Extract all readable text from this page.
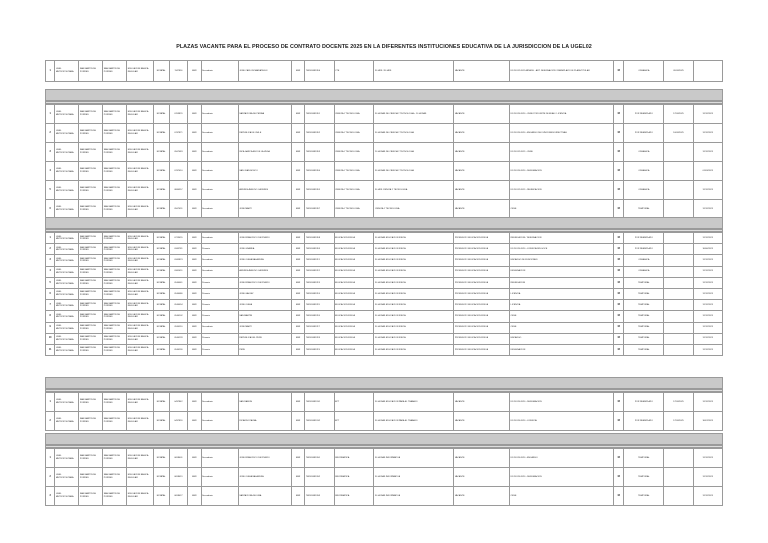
PLAZAS VACANTE PARA EL PROCESO DE CONTRATO DOCENTE 2025 EN LA DIFERENTES INSTITUCIONES EDUCATIVA DE LA JURISDICCION DE LA UGEL02
1	UGEL METROPOLITANA	SAN MARTIN DE PORRES	SAN MARTIN DE PORRES	EDUCACION BASICA REGULAR	ESTATAL	1147816	EBR	Secundaria	JOSE CARLOS MARIATEGUI	EBR	7081814812E6	CTE	30 HRS / 30 HRS	VACANTE	DS N°012-2019-MINEDU - ART. DESIGNACIÓN / REEMPLAZO DE PLAZA TITULAR	43	ORGÁNICA	01/03/2025	
1	UGEL METROPOLITANA	SAN MARTIN DE PORRES	SAN MARTIN DE PORRES	EDUCACION BASICA REGULAR	ESTATAL	0703876	EBR	Secundaria	SANTA ROSA DE PERIBA	EBR	7081814812E1	CIENCIA Y TECNOLOGIA	30 HORAS DE CIENCIA Y TECNOLOGIA + 10 HORAS	VACANTE	DS N°019-2020 - CESE POR LIMITE DE EDAD / LICENCIA	43	POR REEMPLAZO	17/03/2025	31/12/2025
2	UGEL METROPOLITANA	SAN MARTIN DE PORRES	SAN MARTIN DE PORRES	EDUCACION BASICA REGULAR	ESTATAL	0767871	EBR	Secundaria	REPUBLICA DE CHILE	EBR	7081814812E2	CIENCIA Y TECNOLOGIA	30 HORAS DE CIENCIA Y TECNOLOGIA	VACANTE	DS N°019-2020 - ENCARGO DE FUNCIONES DIRECTIVAS	43	POR REEMPLAZO	10/03/2025	31/12/2025
3	UGEL METROPOLITANA	SAN MARTIN DE PORRES	SAN MARTIN DE PORRES	EDUCACION BASICA REGULAR	ESTATAL	0507483	EBR	Secundaria	INCA GARCILASO DE LA VEGA	EBR	7081814812E3	CIENCIA Y TECNOLOGIA	20 HORAS DE CIENCIA Y TECNOLOGIA	VACANTE	DS N°012-2019 - CESE	43	ORGÁNICA		31/12/2025
4	UGEL METROPOLITANA	SAN MARTIN DE PORRES	SAN MARTIN DE PORRES	EDUCACION BASICA REGULAR	ESTATAL	0767410	EBR	Secundaria	SAN JUAN BOSCO	EBR	7081814812E4	CIENCIA Y TECNOLOGIA	30 HORAS DE CIENCIA Y TECNOLOGIA	VACANTE	DS N°019-2020 - DESIGNACION	43	ORGÁNICA		01/03/2025
5	UGEL METROPOLITANA	SAN MARTIN DE PORRES	SAN MARTIN DE PORRES	EDUCACION BASICA REGULAR	ESTATAL	0860957	EBR	Secundaria	ANDRES AVELINO CACERES	EBR	7081814812E5	CIENCIA Y TECNOLOGIA	30 HRS CIENCIA Y TECNOLOGIA	VACANTE	DS N°012-2019 - REUBICACION	43	ORGÁNICA		31/12/2025
6	UGEL METROPOLITANA	SAN MARTIN DE PORRES	SAN MARTIN DE PORRES	EDUCACION BASICA REGULAR	ESTATAL	0507491	EBR	Secundaria	JOSE MARTI	EBR	7081814812E7	CIENCIA Y TECNOLOGIA	CIENCIA Y TECNOLOGIA	VACANTE	CESE	43	TEMPORAL		31/12/2025
1	UGEL METROPOLITANA	SAN MARTIN DE PORRES	SAN MARTIN DE PORRES	EDUCACION BASICA REGULAR	ESTATAL	0713455	EBR	Secundaria	JOSE FRANCISCO DE RIVERO	EBR	7081814812E8	EDUCACION FISICA	30 HORAS EDUCACION FISICA	PROFESOR / EDUCACION FISICA	REUBICACION / DESIGNACION	43	POR REEMPLAZO		31/12/2025
2	UGEL METROPOLITANA	SAN MARTIN DE PORRES	SAN MARTIN DE PORRES	EDUCACION BASICA REGULAR	ESTATAL	0345781	EBR	Primaria	JOSE GRANDA	EBR	7081814812E9	EDUCACION FISICA	30 HORAS EDUCACION FISICA	PROFESOR / EDUCACION FISICA	DS N°019-2020 - LICENCIA SIN GOCE	43	POR REEMPLAZO		30/06/2025
3	UGEL METROPOLITANA	SAN MARTIN DE PORRES	SAN MARTIN DE PORRES	EDUCACION BASICA REGULAR	ESTATAL	0345823	EBR	Secundaria	JOSE OLAYA BALANDRA	EBR	7081814812F1	EDUCACION FISICA	30 HORAS EDUCACION FISICA	PROFESOR / EDUCACION FISICA	ENCARGO DE FUNCIONES	43	ORGÁNICA		31/12/2025
4	UGEL METROPOLITANA	SAN MARTIN DE PORRES	SAN MARTIN DE PORRES	EDUCACION BASICA REGULAR	ESTATAL	0361451	EBR	Secundaria	ANDRES AVELINO CACERES	EBR	7081814812F2	EDUCACION FISICA	30 HORAS EDUCACION FISICA	PROFESOR / EDUCACION FISICA	DESIGNACION	43	ORGÁNICA		31/12/2025
5	UGEL METROPOLITANA	SAN MARTIN DE PORRES	SAN MARTIN DE PORRES	EDUCACION BASICA REGULAR	ESTATAL	0540061	EBR	Primaria	JOSE FRANCISCO DE RIVERO	EBR	7081814812F3	EDUCACION FISICA	30 HORAS EDUCACION FISICA	PROFESOR / EDUCACION FISICA	REUBICACION	43	TEMPORAL		31/12/2025
6	UGEL METROPOLITANA	SAN MARTIN DE PORRES	SAN MARTIN DE PORRES	EDUCACION BASICA REGULAR	ESTATAL	0540086	EBR	Primaria	JOSE GALVEZ	EBR	7081814812F4	EDUCACION FISICA	30 HORAS EDUCACION FISICA	PROFESOR / EDUCACION FISICA	LICENCIA	43	TEMPORAL		31/12/2025
7	UGEL METROPOLITANA	SAN MARTIN DE PORRES	SAN MARTIN DE PORRES	EDUCACION BASICA REGULAR	ESTATAL	0540094	EBR	Primaria	JOSE OLAYA	EBR	7081814812F5	EDUCACION FISICA	30 HORAS EDUCACION FISICA	PROFESOR / EDUCACION FISICA	LICENCIA	43	TEMPORAL		31/12/2025
8	UGEL METROPOLITANA	SAN MARTIN DE PORRES	SAN MARTIN DE PORRES	EDUCACION BASICA REGULAR	ESTATAL	0540102	EBR	Primaria	SAN MARTIN	EBR	7081814812F6	EDUCACION FISICA	30 HORAS EDUCACION FISICA	PROFESOR / EDUCACION FISICA	CESE	43	TEMPORAL		31/12/2025
9	UGEL METROPOLITANA	SAN MARTIN DE PORRES	SAN MARTIN DE PORRES	EDUCACION BASICA REGULAR	ESTATAL	0540110	EBR	Secundaria	JOSE MARTI	EBR	7081814812F7	EDUCACION FISICA	30 HORAS EDUCACION FISICA	PROFESOR / EDUCACION FISICA	CESE	43	TEMPORAL		31/12/2025
10	UGEL METROPOLITANA	SAN MARTIN DE PORRES	SAN MARTIN DE PORRES	EDUCACION BASICA REGULAR	ESTATAL	0540128	EBR	Primaria	REPUBLICA DEL PERU	EBR	7081814812F8	EDUCACION FISICA	30 HORAS EDUCACION FISICA	PROFESOR / EDUCACION FISICA	ENCARGO	43	TEMPORAL		31/12/2025
11	UGEL METROPOLITANA	SAN MARTIN DE PORRES	SAN MARTIN DE PORRES	EDUCACION BASICA REGULAR	ESTATAL	0540136	EBR	Primaria	PERU	EBR	7081814812F9	EDUCACION FISICA	30 HORAS EDUCACION FISICA	PROFESOR / EDUCACION FISICA	DESIGNACION	43	TEMPORAL		31/12/2025
1	UGEL METROPOLITANA	SAN MARTIN DE PORRES	SAN MARTIN DE PORRES	EDUCACION BASICA REGULAR	ESTATAL	0497842	EBR	Secundaria	SAN RAMON	EBR	7081814812G1	EPT	30 HORAS EDUCACION PARA EL TRABAJO	VACANTE	DS N°019-2020 - DESIGNACION	43	POR REEMPLAZO	17/03/2025	31/12/2025
2	UGEL METROPOLITANA	SAN MARTIN DE PORRES	SAN MARTIN DE PORRES	EDUCACION BASICA REGULAR	ESTATAL	0497859	EBR	Secundaria	RICARDO PALMA	EBR	7081814812G2	EPT	30 HORAS EDUCACION PARA EL TRABAJO	VACANTE	DS N°019-2020 - LICENCIA	43	POR REEMPLAZO	17/03/2025	30/07/2025
1	UGEL METROPOLITANA	SAN MARTIN DE PORRES	SAN MARTIN DE PORRES	EDUCACION BASICA REGULAR	ESTATAL	0658401	EBR	Secundaria	JOSE FRANCISCO DE RIVERO	EBR	7081814812H1	INFORMATICA	30 HORAS INFORMATICA	VACANTE	DS N°019-2020 - ENCARGO	43	TEMPORAL		31/12/2025
2	UGEL METROPOLITANA	SAN MARTIN DE PORRES	SAN MARTIN DE PORRES	EDUCACION BASICA REGULAR	ESTATAL	0658419	EBR	Secundaria	JOSE OLAYA BALANDRA	EBR	7081814812H2	INFORMATICA	30 HORAS INFORMATICA	VACANTE	DS N°019-2020 - DESIGNACION	43	TEMPORAL		31/12/2025
3	UGEL METROPOLITANA	SAN MARTIN DE PORRES	SAN MARTIN DE PORRES	EDUCACION BASICA REGULAR	ESTATAL	0658427	EBR	Secundaria	SANTA ROSA DE LIMA	EBR	7081814812H3	INFORMATICA	30 HORAS INFORMATICA	VACANTE	CESE	43	TEMPORAL		31/12/2025
